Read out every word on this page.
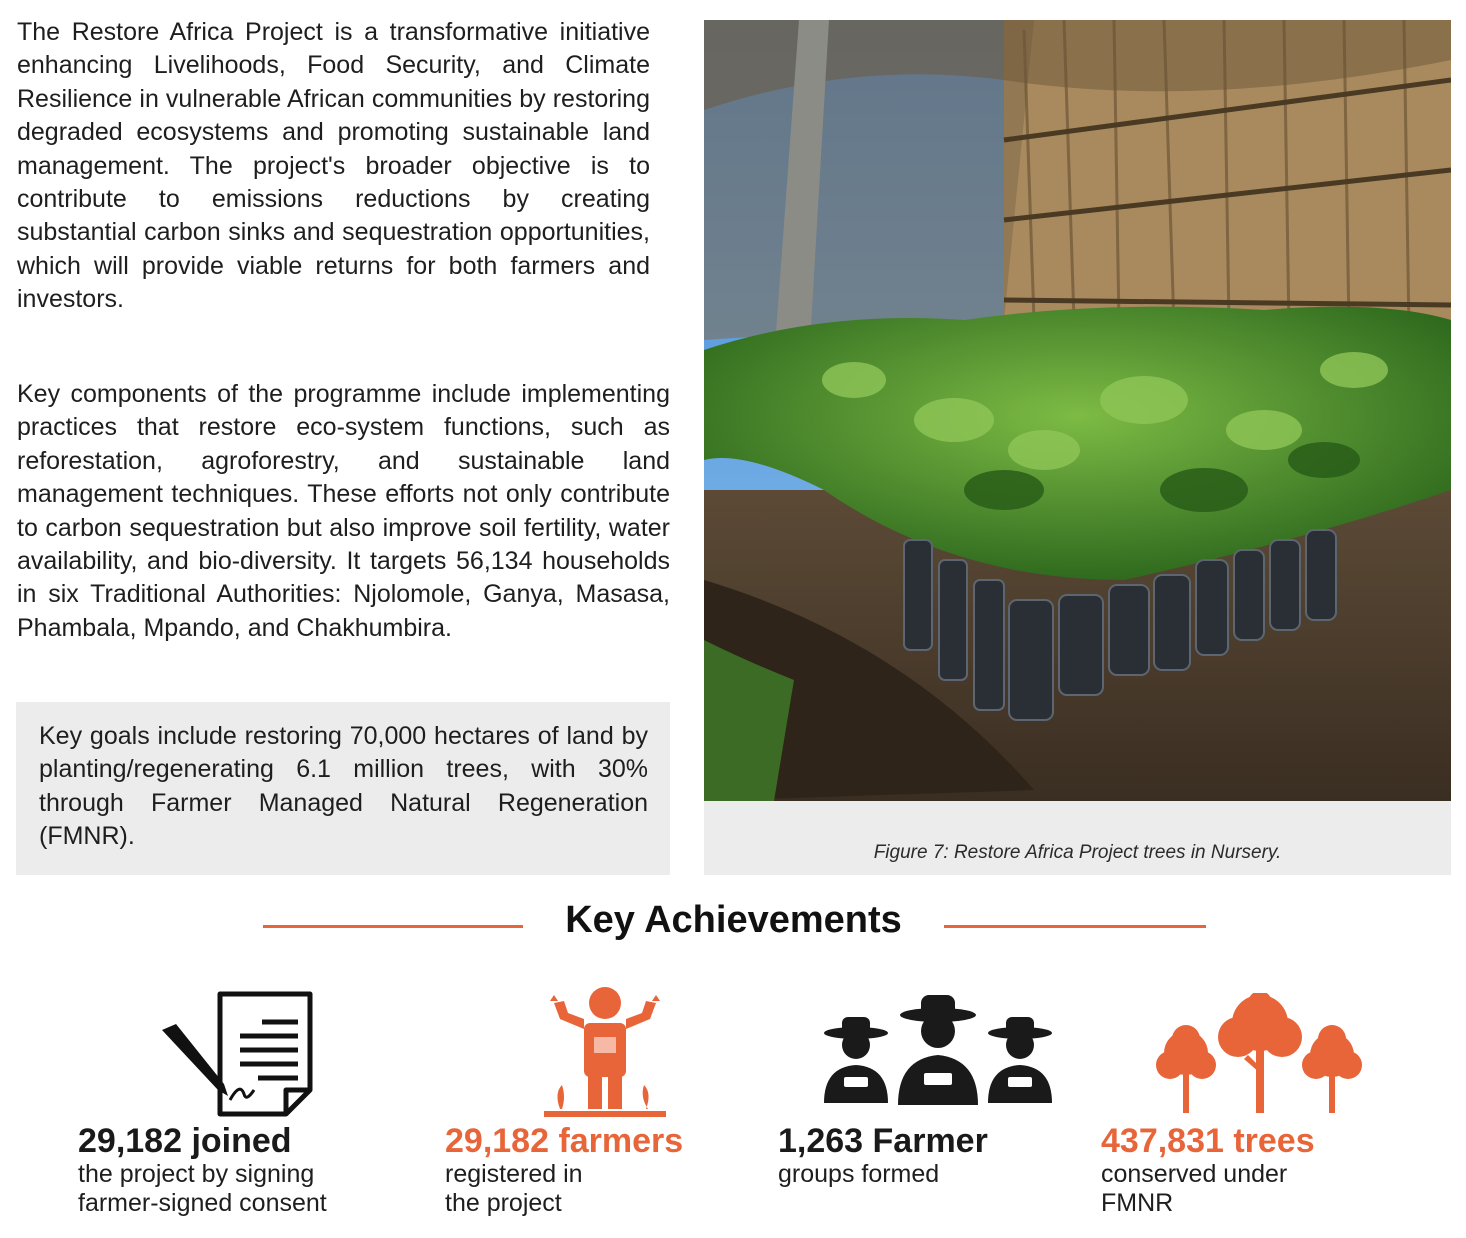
The Restore Africa Project is a transformative initiative enhancing Livelihoods, Food Security, and Climate Resilience in vulnerable African communities by restoring degraded ecosystems and promoting sustainable land management. The project's broader objective is to contribute to emissions reductions by creating substantial carbon sinks and sequestration opportunities, which will provide viable returns for both farmers and investors.

Key components of the programme include implementing practices that restore eco-system functions, such as reforestation, agroforestry, and sustainable land management techniques. These efforts not only contribute to carbon sequestration but also improve soil fertility, water availability, and bio-diversity. It targets 56,134 households in six Traditional Authorities: Njolomole, Ganya, Masasa, Phambala, Mpando, and Chakhumbira.

Key goals include restoring 70,000 hectares of land by planting/regenerating 6.1 million trees, with 30% through Farmer Managed Natural Regeneration (FMNR).

Figure 7: Restore Africa Project trees in Nursery.
Key Achievements
29,182 joined
the project by signing
farmer-signed consent
29,182 farmers
registered in
the project
1,263 Farmer
groups formed
437,831 trees
conserved under
FMNR
